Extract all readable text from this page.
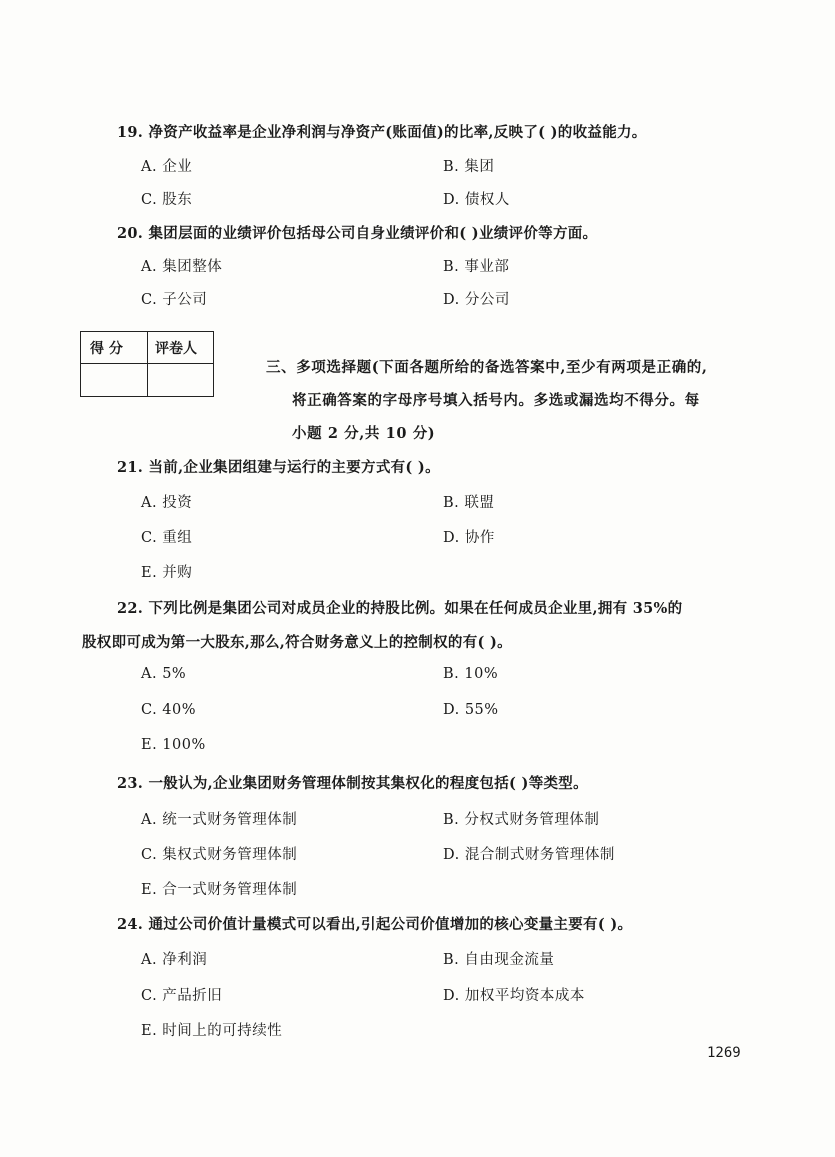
19. 净资产收益率是企业净利润与净资产(账面值)的比率,反映了( )的收益能力。
A. 企业	B. 集团
C. 股东	D. 债权人
20. 集团层面的业绩评价包括母公司自身业绩评价和( )业绩评价等方面。
A. 集团整体	B. 事业部
C. 子公司	D. 分公司
得 分 评卷人
三、多项选择题(下面各题所给的备选答案中,至少有两项是正确的,
将正确答案的字母序号填入括号内。多选或漏选均不得分。每
小题 2 分,共 10 分)
21. 当前,企业集团组建与运行的主要方式有( )。
A. 投资	B. 联盟
C. 重组	D. 协作
E. 并购
22. 下列比例是集团公司对成员企业的持股比例。如果在任何成员企业里,拥有 35%的
股权即可成为第一大股东,那么,符合财务意义上的控制权的有( )。
A. 5%	B. 10%
C. 40%	D. 55%
E. 100%
23. 一般认为,企业集团财务管理体制按其集权化的程度包括( )等类型。
A. 统一式财务管理体制	B. 分权式财务管理体制
C. 集权式财务管理体制	D. 混合制式财务管理体制
E. 合一式财务管理体制
24. 通过公司价值计量模式可以看出,引起公司价值增加的核心变量主要有( )。
A. 净利润	B. 自由现金流量
C. 产品折旧	D. 加权平均资本成本
E. 时间上的可持续性
1269
